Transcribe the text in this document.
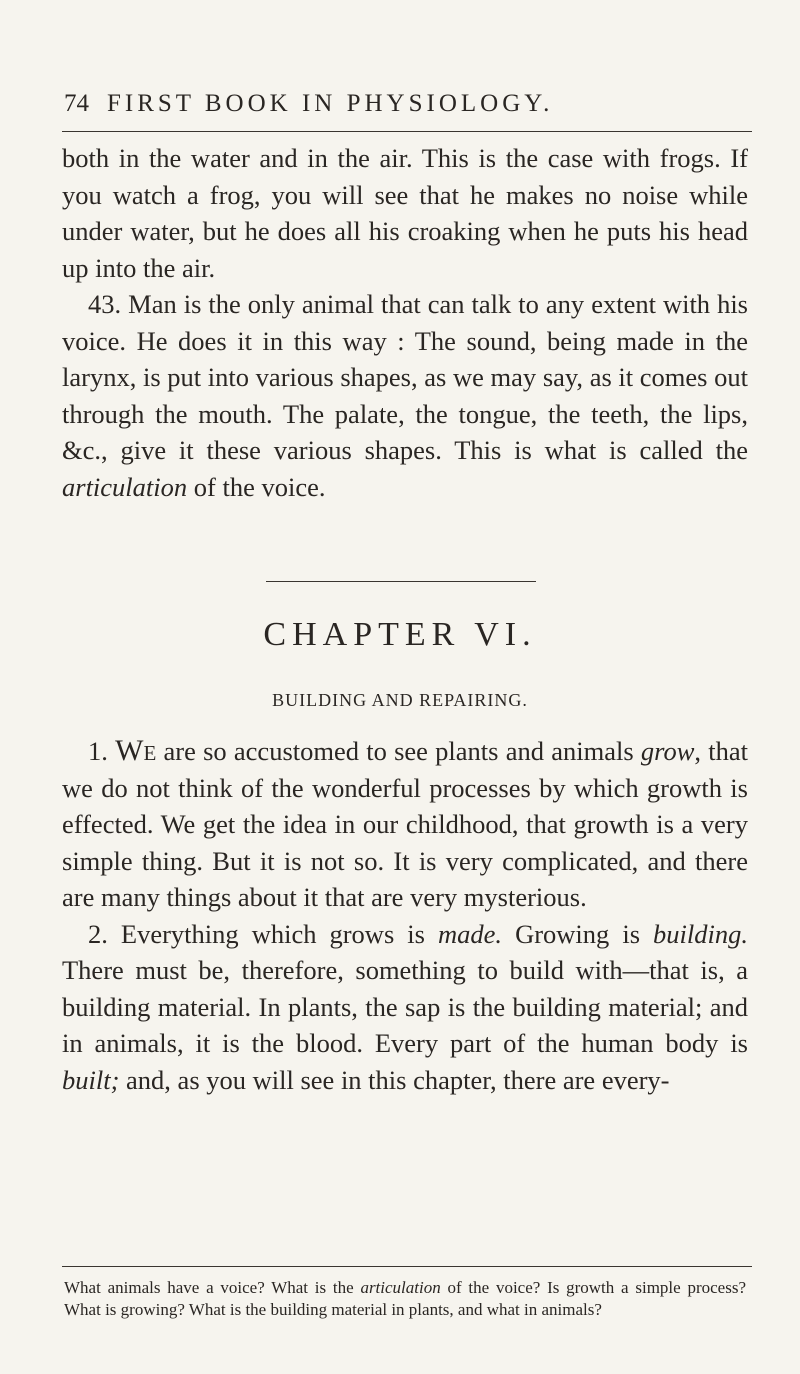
74 FIRST BOOK IN PHYSIOLOGY.

both in the water and in the air. This is the case with frogs. If you watch a frog, you will see that he makes no noise while under water, but he does all his croaking when he puts his head up into the air.

43. Man is the only animal that can talk to any extent with his voice. He does it in this way : The sound, being made in the larynx, is put into various shapes, as we may say, as it comes out through the mouth. The palate, the tongue, the teeth, the lips, &c., give it these various shapes. This is what is called the articulation of the voice.

CHAPTER VI.
BUILDING AND REPAIRING.

1. We are so accustomed to see plants and animals grow, that we do not think of the wonderful processes by which growth is effected. We get the idea in our childhood, that growth is a very simple thing. But it is not so. It is very complicated, and there are many things about it that are very mysterious.

2. Everything which grows is made. Growing is building. There must be, therefore, something to build with—that is, a building material. In plants, the sap is the building material; and in animals, it is the blood. Every part of the human body is built; and, as you will see in this chapter, there are every-

What animals have a voice? What is the articulation of the voice? Is growth a simple process? What is growing? What is the building material in plants, and what in animals?
